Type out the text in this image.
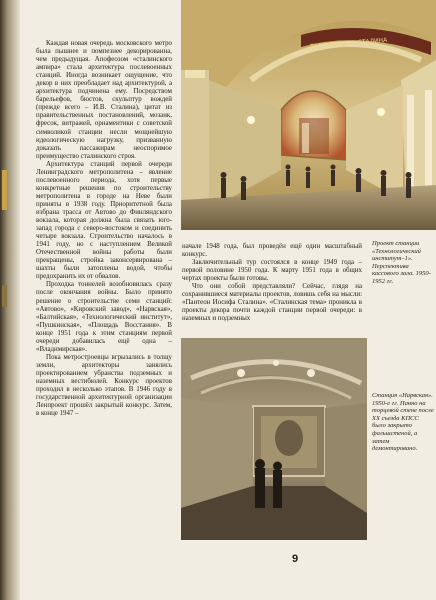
Каждая новая очередь московского метро была пышнее и помпезнее декорированна, чем предыдущая. Апофеозом «сталинского ампира» стала архитектура послевоенных станций. Иногда возникает ощущение, что декор в них преобладает над архитектурой, а архитектура подчинена ему. Посредством барельефов, бюстов, скульптур вождей (прежде всего – И.В. Сталина), цитат из правительственных постановлений, мозаик, фресок, витражей, орнаментики с советской символикой станции несли мощнейшую идеологическую нагрузку, призванную доказать пассажирам неоспоримое преимущество сталинского строя.

Архитектура станций первой очереди Ленинградского метрополитена – явление послевоенного периода, хотя первые конкретные решения по строительству метрополитена в городе на Неве были приняты в 1938 году. Приоритетной была избрана трасса от Автово до Финляндского вокзала, которая должна была связать юго-запад города с северо-востоком и соединить четыре вокзала. Строительство началось в 1941 году, но с наступлением Великой Отечественной войны работы были прекращены, стройка законсервирована – шахты были затоплены водой, чтобы предохранить их от обвалов.

Проходка тоннелей возобновилась сразу после окончания войны. Было принято решение о строительстве семи станций: «Автово», «Кировский завод», «Нарвская», «Балтийская», «Технологический институт», «Пушкинская», «Площадь Восстания». В конце 1951 года к этим станциям первой очереди добавилась ещё одна – «Владимирская».

Пока метростроевцы вгрызались в толщу земли, архитекторы занялись проектированием убранства подземных и наземных вестибюлей. Конкурс проектов проходил в несколько этапов. В 1946 году в государственной архитектурной организации Ленпроект прошёл закрытый конкурс. Затем, в конце 1947 –

начале 1948 года, был проведён ещё один масштабный конкурс.

Заключительный тур состоялся в конце 1949 года – первой половине 1950 года. К марту 1951 года в общих чертах проекты были готовы.

ДЕЛО ЛЕНИНА–СТАЛИНА
Проект станции «Технологический институт–1». Перспектива кассового зала. 1950-1952 гг.
Станция «Нарвская». 1950-е гг. Панно на торцевой стене после XX съезда КПСС было закрыто фальшстеной, а затем демонтировано.
9

Что они собой представляли? Сейчас, глядя на сохранившиеся материалы проектов, ловишь себя на мысли: «Пантеон Иосифа Сталина». «Сталинская тема» проникла в проекты декора почти каждой станции первой очереди: в наземных и подземных
